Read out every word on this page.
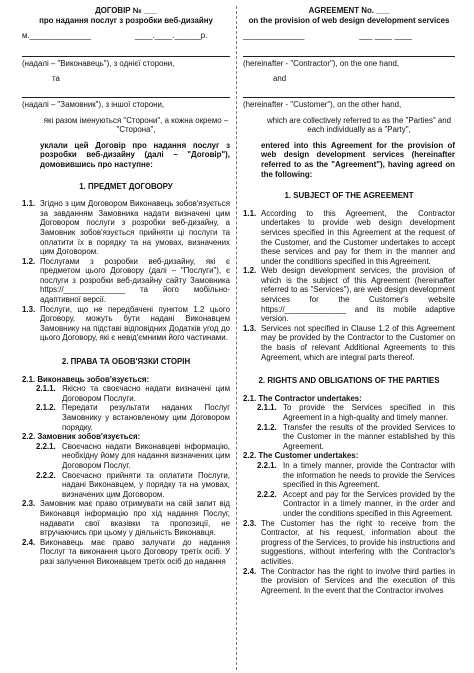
ДОГОВІР № ___
про надання послуг з розробки веб-дизайну
м.______________                    ____.____.______р.
(надалі – "Виконавець"), з однієї сторони,
та
(надалі – "Замовник"), з іншої сторони,
які разом іменуються "Сторони", а кожна окремо – "Сторона",
уклали цей Договір про надання послуг з розробки веб-дизайну (далі – "Договір"), домовившись про наступне:
1. ПРЕДМЕТ ДОГОВОРУ
1.1. Згідно з цим Договором Виконавець зобов'язується за завданням Замовника надати визначені цим Договором послуги з розробки веб-дизайну, а Замовник зобов'язується прийняти ці послуги та оплатити їх в порядку та на умовах, визначених цим Договором.
1.2. Послугами з розробки веб-дизайну, які є предметом цього Договору (далі – "Послуги"), є послуги з розробки веб-дизайну сайту Замовника https://______________ та його мобільно-адаптивної версії.
1.3. Послуги, що не передбачені пунктом 1.2 цього Договору, можуть бути надані Виконавцем Замовнику на підставі відповідних Додатків угод до цього Договору, які є невід'ємними його частинами.
2. ПРАВА ТА ОБОВ'ЯЗКИ СТОРІН
2.1. Виконавець зобов'язується:
2.1.1. Якісно та своєчасно надати визначені цим Договором Послуги.
2.1.2. Передати результати наданих Послуг Замовнику у встановленому цим Договором порядку.
2.2. Замовник зобов'язується:
2.2.1. Своєчасно надати Виконавцеві інформацію, необхідну йому для надання визначених цим Договором Послуг.
2.2.2. Своєчасно прийняти та оплатити Послуги, надані Виконавцем, у порядку та на умовах, визначених цим Договором.
2.3. Замовник має право отримувати на свій запит від Виконавця інформацію про хід надання Послуг, надавати свої вказівки та пропозиції, не втручаючись при цьому у діяльність Виконавця.
2.4. Виконавець має право залучати до надання Послуг та виконання цього Договору третіх осіб. У разі залучення Виконавцем третіх осіб до надання
AGREEMENT No. ___
on the provision of web design development services
______________                         ___ ____ ____
(hereinafter - "Contractor"), on the one hand,
and
(hereinafter - "Customer"), on the other hand,
which are collectively referred to as the "Parties" and each individually as a "Party",
entered into this Agreement for the provision of web design development services (hereinafter referred to as the "Agreement"), having agreed on the following:
1. SUBJECT OF THE AGREEMENT
1.1. According to this Agreement, the Contractor undertakes to provide web design development services specified in this Agreement at the request of the Customer, and the Customer undertakes to accept these services and pay for them in the manner and under the conditions specified in this Agreement.
1.2. Web design development services, the provision of which is the subject of this Agreement (hereinafter referred to as "Services"), are web design development services for the Customer's website https://______________ and its mobile adaptive version.
1.3. Services not specified in Clause 1.2 of this Agreement may be provided by the Contractor to the Customer on the basis of relevant Additional Agreements to this Agreement, which are integral parts thereof.
2. RIGHTS AND OBLIGATIONS OF THE PARTIES
2.1. The Contractor undertakes:
2.1.1. To provide the Services specified in this Agreement in a high-quality and timely manner.
2.1.2. Transfer the results of the provided Services to the Customer in the manner established by this Agreement.
2.2. The Customer undertakes:
2.2.1. In a timely manner, provide the Contractor with the information he needs to provide the Services specified in this Agreement.
2.2.2. Accept and pay for the Services provided by the Contractor in a timely manner, in the order and under the conditions specified in this Agreement.
2.3. The Customer has the right to receive from the Contractor, at his request, information about the progress of the Services, to provide his instructions and suggestions, without interfering with the Contractor's activities.
2.4. The Contractor has the right to involve third parties in the provision of Services and the execution of this Agreement. In the event that the Contractor involves
